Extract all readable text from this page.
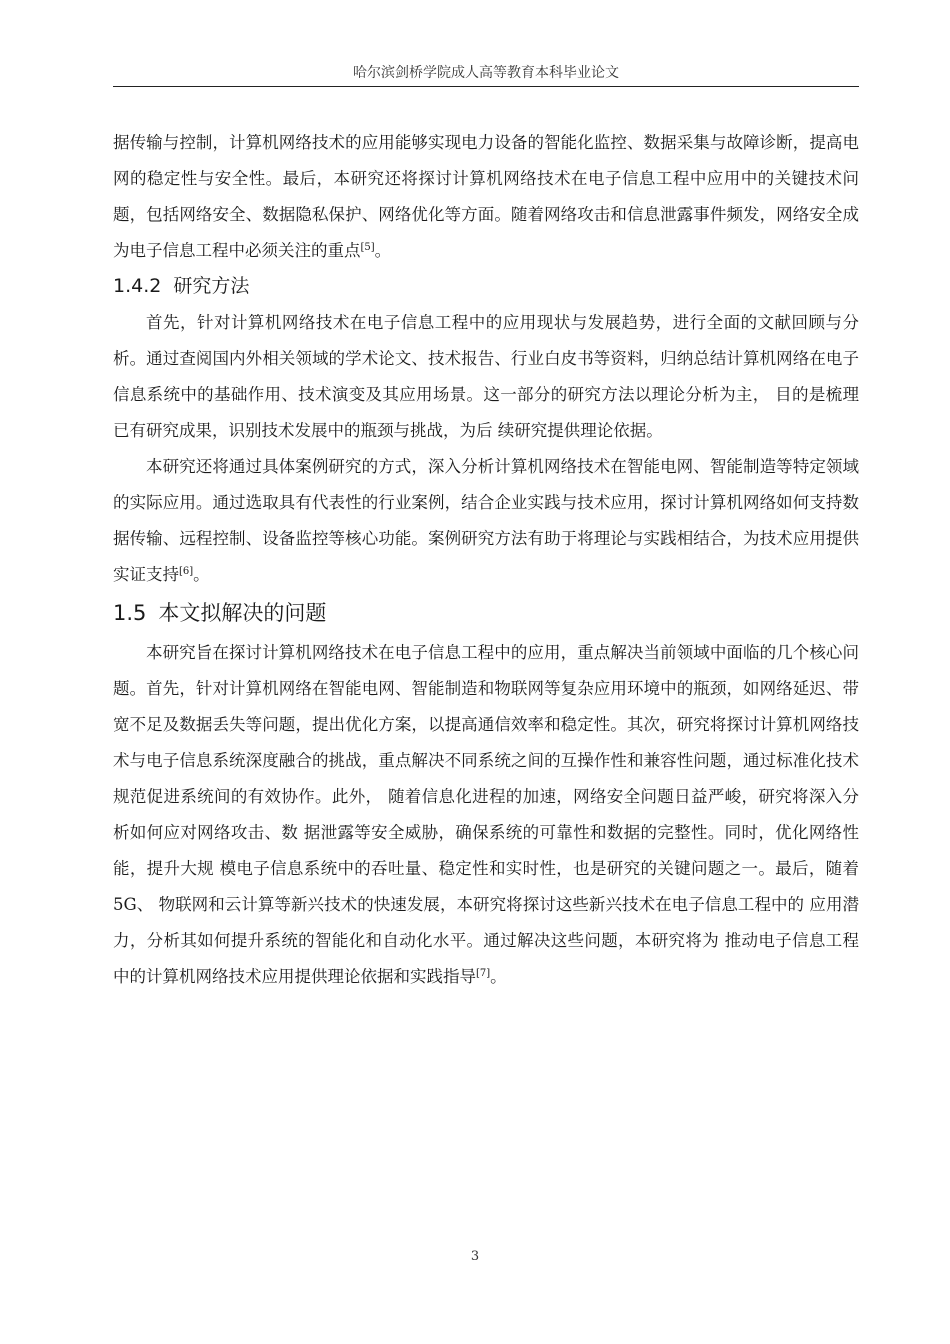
哈尔滨剑桥学院成人高等教育本科毕业论文

据传输与控制，计算机网络技术的应用能够实现电力设备的智能化监控、数据采集与故障诊断，提高电网的稳定性与安全性。最后，本研究还将探讨计算机网络技术在电子信息工程中应用中的关键技术问题，包括网络安全、数据隐私保护、网络优化等方面。随着网络攻击和信息泄露事件频发，网络安全成为电子信息工程中必须关注的重点[5]。

1.4.2 研究方法

首先，针对计算机网络技术在电子信息工程中的应用现状与发展趋势，进行全面的文献回顾与分析。通过查阅国内外相关领域的学术论文、技术报告、行业白皮书等资料，归纳总结计算机网络在电子信息系统中的基础作用、技术演变及其应用场景。这一部分的研究方法以理论分析为主， 目的是梳理已有研究成果，识别技术发展中的瓶颈与挑战，为后 续研究提供理论依据。

本研究还将通过具体案例研究的方式，深入分析计算机网络技术在智能电网、智能制造等特定领域的实际应用。通过选取具有代表性的行业案例，结合企业实践与技术应用，探讨计算机网络如何支持数据传输、远程控制、设备监控等核心功能。案例研究方法有助于将理论与实践相结合，为技术应用提供实证支持[6]。

1.5 本文拟解决的问题

本研究旨在探讨计算机网络技术在电子信息工程中的应用，重点解决当前领域中面临的几个核心问题。首先，针对计算机网络在智能电网、智能制造和物联网等复杂应用环境中的瓶颈，如网络延迟、带宽不足及数据丢失等问题，提出优化方案，以提高通信效率和稳定性。其次，研究将探讨计算机网络技术与电子信息系统深度融合的挑战，重点解决不同系统之间的互操作性和兼容性问题，通过标准化技术规范促进系统间的有效协作。此外， 随着信息化进程的加速，网络安全问题日益严峻，研究将深入分析如何应对网络攻击、数 据泄露等安全威胁，确保系统的可靠性和数据的完整性。同时，优化网络性能，提升大规 模电子信息系统中的吞吐量、稳定性和实时性，也是研究的关键问题之一。最后，随着 5G、 物联网和云计算等新兴技术的快速发展，本研究将探讨这些新兴技术在电子信息工程中的 应用潜力，分析其如何提升系统的智能化和自动化水平。通过解决这些问题，本研究将为 推动电子信息工程中的计算机网络技术应用提供理论依据和实践指导[7]。

3
